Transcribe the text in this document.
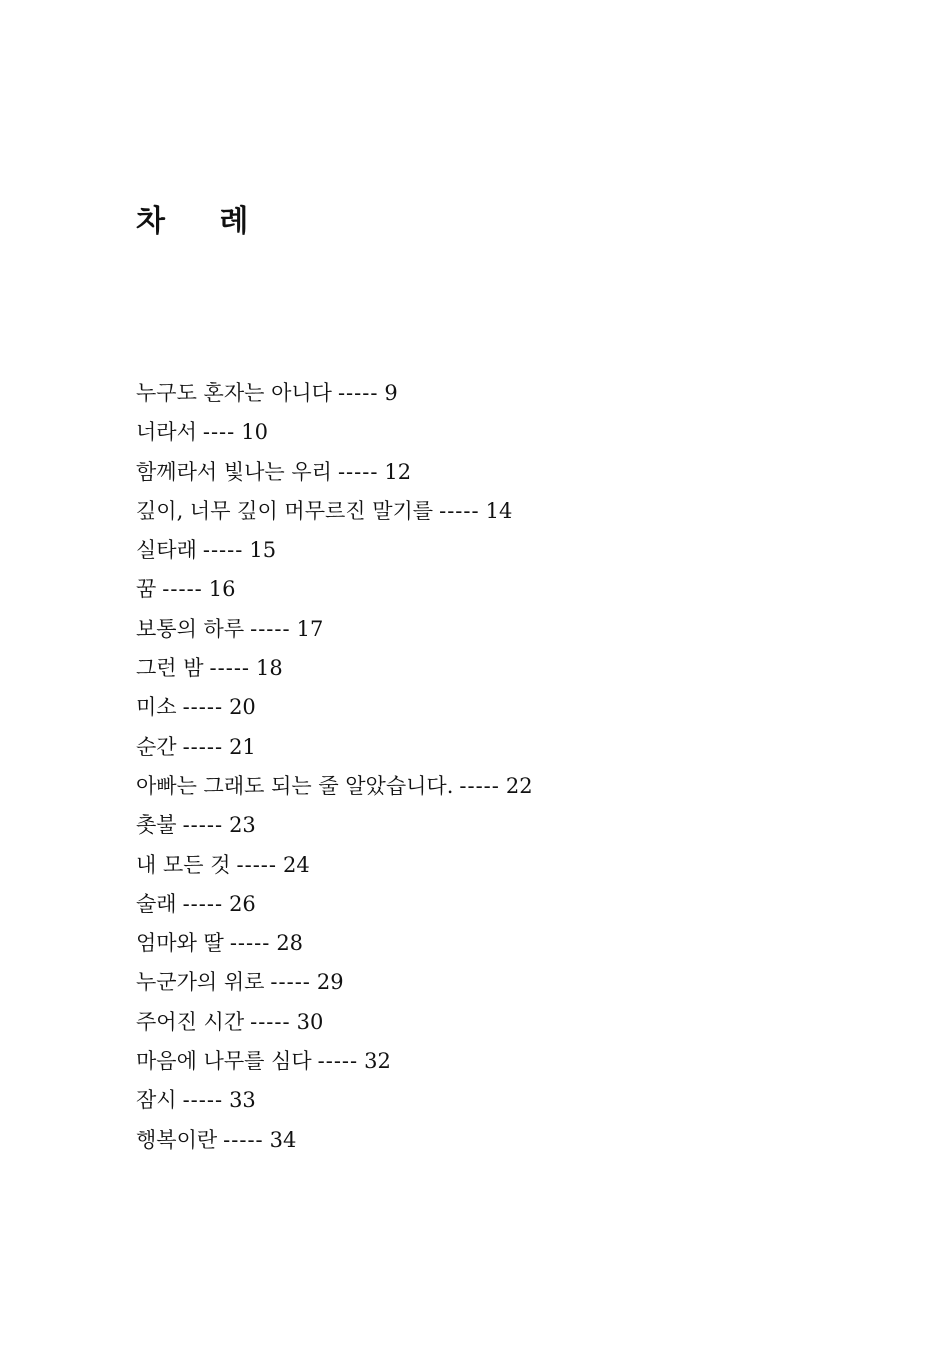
차 례
누구도 혼자는 아니다 ----- 9
너라서 ---- 10
함께라서 빛나는 우리 ----- 12
깊이, 너무 깊이 머무르진 말기를 ----- 14
실타래 ----- 15
꿈 ----- 16
보통의 하루 ----- 17
그런 밤 ----- 18
미소 ----- 20
순간 ----- 21
아빠는 그래도 되는 줄 알았습니다. ----- 22
촛불 ----- 23
내 모든 것 ----- 24
술래 ----- 26
엄마와 딸 ----- 28
누군가의 위로 ----- 29
주어진 시간 ----- 30
마음에 나무를 심다 ----- 32
잠시 ----- 33
행복이란 ----- 34
